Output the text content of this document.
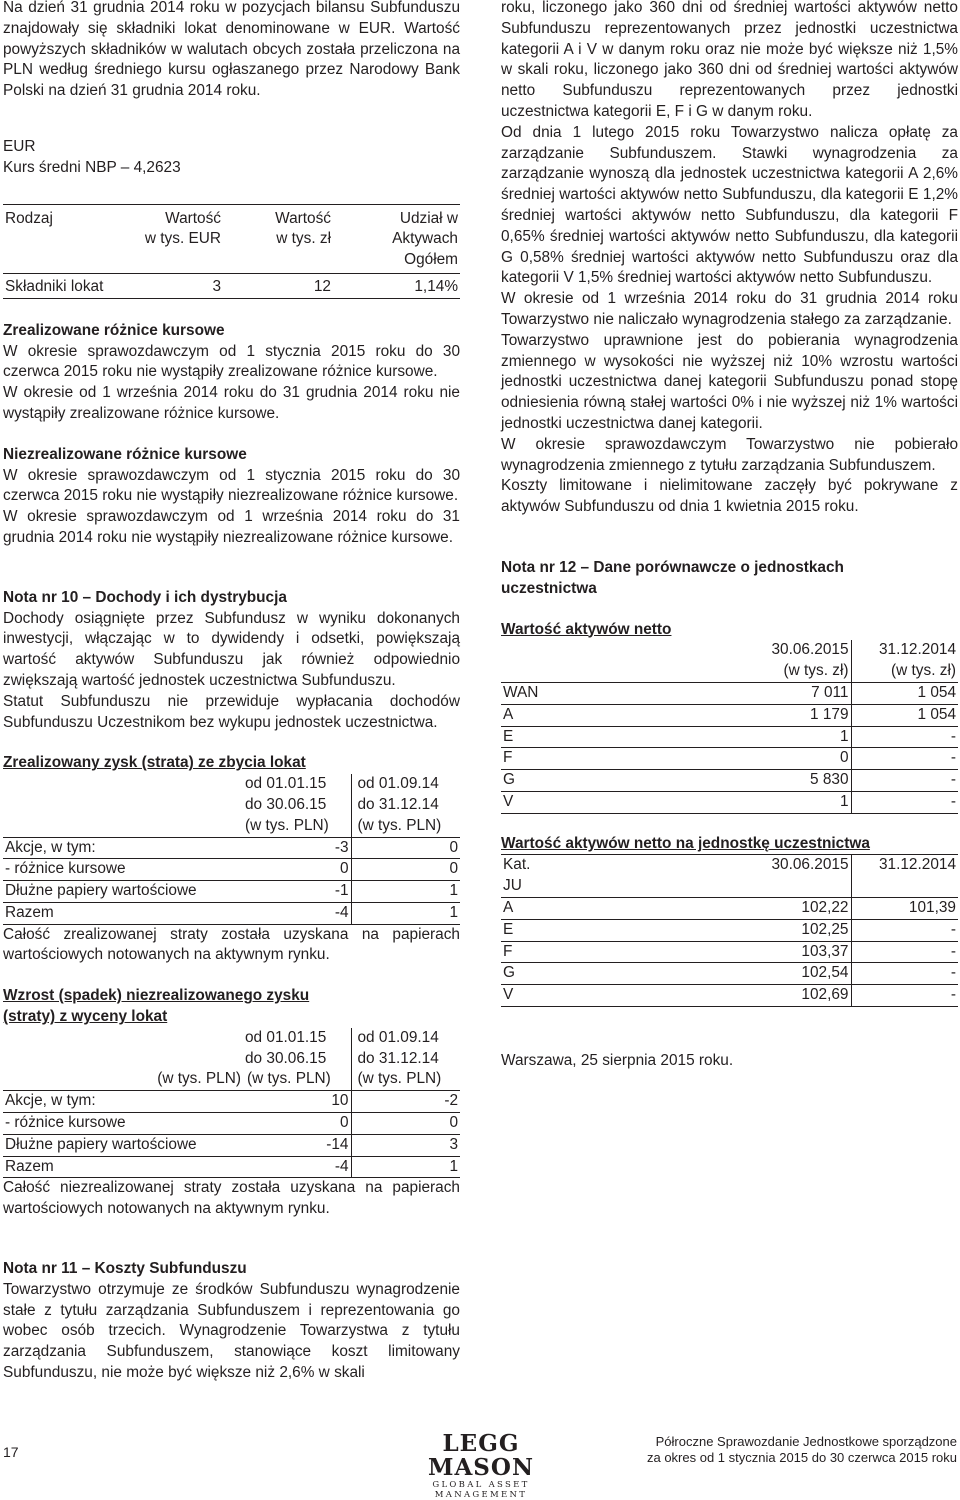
Na dzień 31 grudnia 2014 roku w pozycjach bilansu Subfunduszu znajdowały się składniki lokat denominowane w EUR. Wartość powyższych składników w walutach obcych została przeliczona na PLN według średniego kursu ogłaszanego przez Narodowy Bank Polski na dzień 31 grudnia 2014 roku.

EUR

Kurs średni NBP – 4,2623

Rodzaj	Wartość	Wartość	Udział w
	w tys. EUR	w tys. zł	Aktywach
			Ogółem
Składniki lokat	3	12	1,14%

Zrealizowane różnice kursowe

W okresie sprawozdawczym od 1 stycznia 2015 roku do 30 czerwca 2015 roku nie wystąpiły zrealizowane różnice kursowe.

W okresie od 1 września 2014 roku do 31 grudnia 2014 roku nie wystąpiły zrealizowane różnice kursowe.

Niezrealizowane różnice kursowe

W okresie sprawozdawczym od 1 stycznia 2015 roku do 30 czerwca 2015 roku nie wystąpiły niezrealizowane różnice kursowe.

W okresie sprawozdawczym od 1 września 2014 roku do 31 grudnia 2014 roku nie wystąpiły niezrealizowane różnice kursowe.

Nota nr 10 – Dochody i ich dystrybucja

Dochody osiągnięte przez Subfundusz w wyniku dokonanych inwestycji, włączając w to dywidendy i odsetki, powiększają wartość aktywów Subfunduszu jak również odpowiednio zwiększają wartość jednostek uczestnictwa Subfunduszu.

Statut Subfunduszu nie przewiduje wypłacania dochodów Subfunduszu Uczestnikom bez wykupu jednostek uczestnictwa.

Zrealizowany zysk (strata) ze zbycia lokat

	od 01.01.15	od 01.09.14
	do 30.06.15	do 31.12.14
	(w tys. PLN)	(w tys. PLN)
Akcje, w tym:	-3	0
- różnice kursowe	0	0
Dłużne papiery wartościowe	-1	1
Razem	-4	1

Całość zrealizowanej straty została uzyskana na papierach wartościowych notowanych na aktywnym rynku.

Wzrost (spadek) niezrealizowanego zysku

(straty) z wyceny lokat

		od 01.01.15	od 01.09.14
		do 30.06.15	do 31.12.14
	(w tys. PLN)	(w tys. PLN)	(w tys. PLN)
Akcje, w tym:		10	-2
- różnice kursowe		0	0
Dłużne papiery wartościowe		-14	3
Razem		-4	1

Całość niezrealizowanej straty została uzyskana na papierach wartościowych notowanych na aktywnym rynku.

Nota nr 11 – Koszty Subfunduszu

Towarzystwo otrzymuje ze środków Subfunduszu wynagrodzenie stałe z tytułu zarządzania Subfunduszem i reprezentowania go wobec osób trzecich. Wynagrodzenie Towarzystwa z tytułu zarządzania Subfunduszem, stanowiące koszt limitowany Subfunduszu, nie może być większe niż 2,6% w skali

roku, liczonego jako 360 dni od średniej wartości aktywów netto Subfunduszu reprezentowanych przez jednostki uczestnictwa kategorii A i V w danym roku oraz nie może być większe niż 1,5% w skali roku, liczonego jako 360 dni od średniej wartości aktywów netto Subfunduszu reprezentowanych przez jednostki uczestnictwa kategorii E, F i G w danym roku.

Od dnia 1 lutego 2015 roku Towarzystwo nalicza opłatę za zarządzanie Subfunduszem. Stawki wynagrodzenia za zarządzanie wynoszą dla jednostek uczestnictwa kategorii A 2,6% średniej wartości aktywów netto Subfunduszu, dla kategorii E 1,2% średniej wartości aktywów netto Subfunduszu, dla kategorii F 0,65% średniej wartości aktywów netto Subfunduszu, dla kategorii G 0,58% średniej wartości aktywów netto Subfunduszu oraz dla kategorii V 1,5% średniej wartości aktywów netto Subfunduszu.

W okresie od 1 września 2014 roku do 31 grudnia 2014 roku Towarzystwo nie naliczało wynagrodzenia stałego za zarządzanie.

Towarzystwo uprawnione jest do pobierania wynagrodzenia zmiennego w wysokości nie wyższej niż 10% wzrostu wartości jednostki uczestnictwa danej kategorii Subfunduszu ponad stopę odniesienia równą stałej wartości 0% i nie wyższej niż 1% wartości jednostki uczestnictwa danej kategorii.

W okresie sprawozdawczym Towarzystwo nie pobierało wynagrodzenia zmiennego z tytułu zarządzania Subfunduszem.

Koszty limitowane i nielimitowane zaczęły być pokrywane z aktywów Subfunduszu od dnia 1 kwietnia 2015 roku.

Nota nr 12 – Dane porównawcze o jednostkach

uczestnictwa

Wartość aktywów netto

	30.06.2015	31.12.2014
	(w tys. zł)	(w tys. zł)
WAN	7 011	1 054
A	1 179	1 054
E	1	-
F	0	-
G	5 830	-
V	1	-

Wartość aktywów netto na jednostkę uczestnictwa

Kat.	30.06.2015	31.12.2014
JU		
A	102,22	101,39
E	102,25	-
F	103,37	-
G	102,54	-
V	102,69	-

Warszawa, 25 sierpnia 2015 roku.

17	LEGG MASON
GLOBAL ASSET MANAGEMENT
Półroczne Sprawozdanie Jednostkowe sporządzone
za okres od 1 stycznia 2015 do 30 czerwca 2015 roku
